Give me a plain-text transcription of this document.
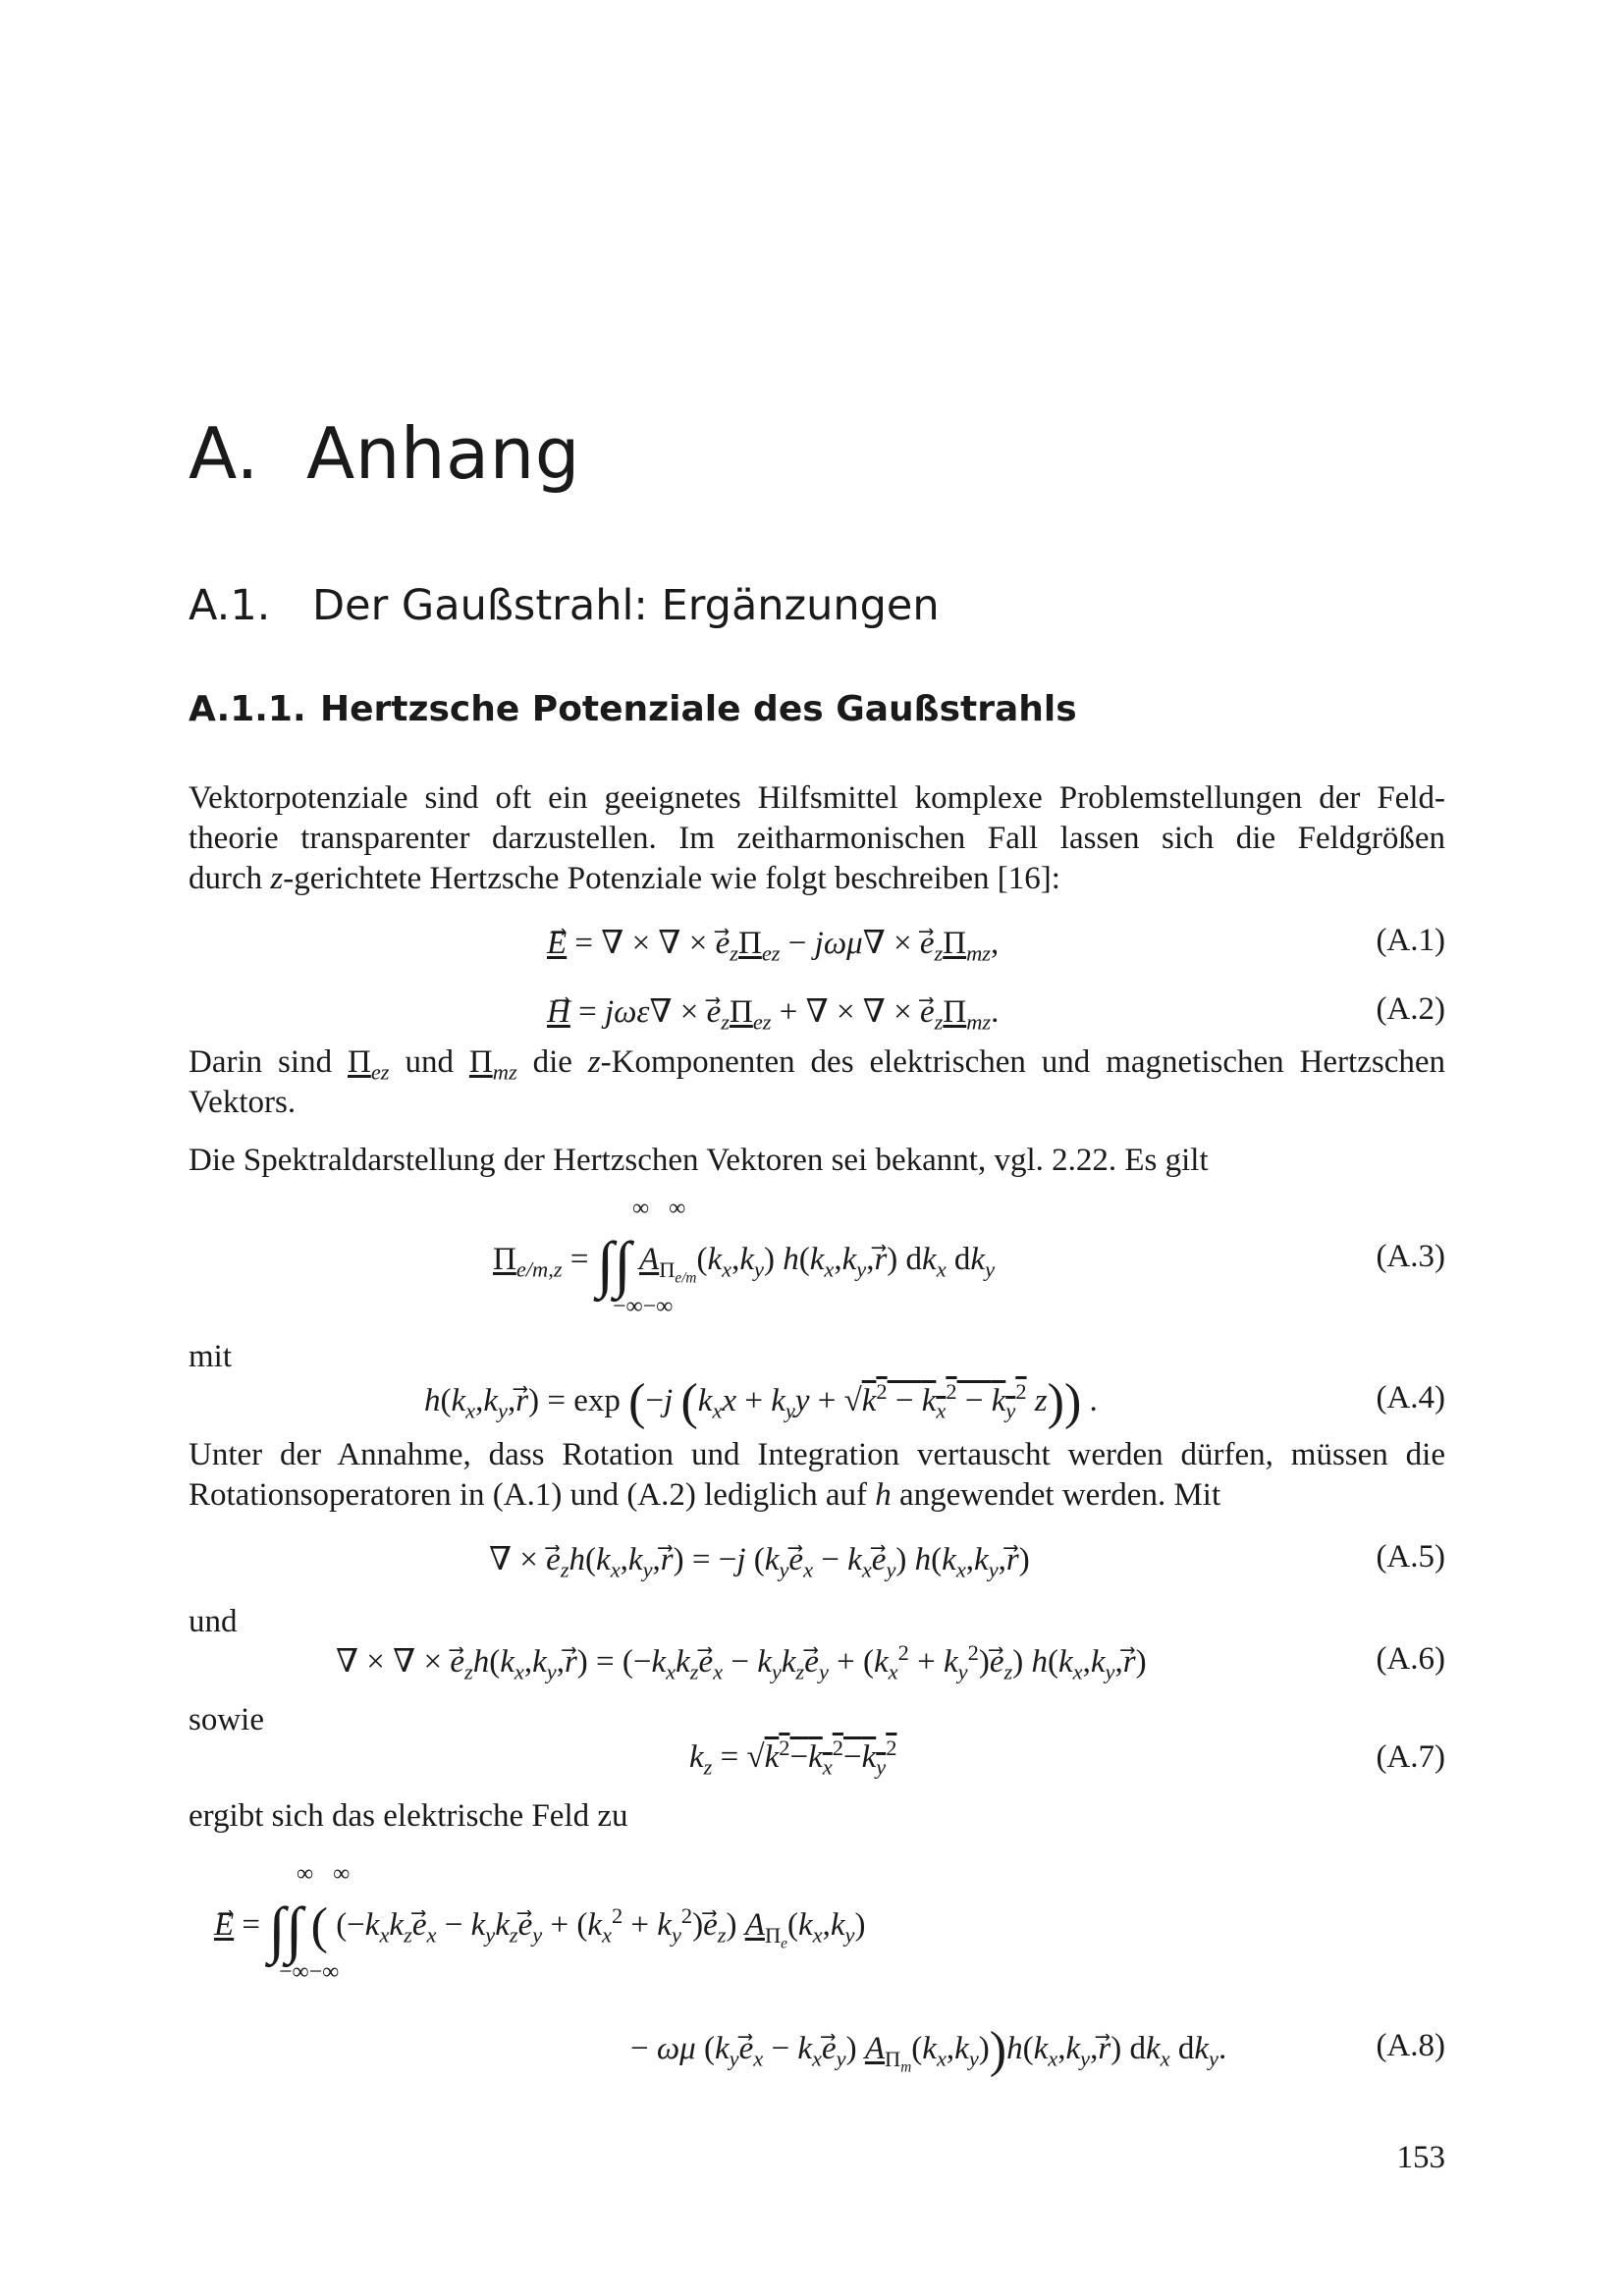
A. Anhang
A.1. Der Gaußstrahl: Ergänzungen
A.1.1. Hertzsche Potenziale des Gaußstrahls

Vektorpotenziale sind oft ein geeignetes Hilfsmittel komplexe Problemstellungen der Feld-
theorie transparenter darzustellen. Im zeitharmonischen Fall lassen sich die Feldgrößen
durch z-gerichtete Hertzsche Potenziale wie folgt beschreiben [16]:

E = ∇ × ∇ × $e_z\Pi_{ez} - j\omega\mu\nabla \times e_z\Pi_{mz}$,	(A.1)
$H = j\omega\varepsilon\nabla \times e_z\Pi_{ez}$ + ∇ × ∇ × $e_z\Pi_{mz}$.	(A.2)

Darin sind $\Pi_{ez}$ und $\Pi_{mz}$ die z-Komponenten des elektrischen und magnetischen Hertzschen
Vektors.

Die Spektraldarstellung der Hertzschen Vektoren sei bekannt, vgl. 2.22. Es gilt

∞      ∞
−∞−∞
$\Pi_{e/m,z}$ = ∫∫ $A_{\Pi_{e/m}}(k_x,k_y)$ $h(k_x,k_y,r⃗)$ $dk_x$ $dk_y$	(A.3)

mit

$h(k_x,k_y,r⃗) = \exp (-j$ ($k_xx + k_yy + √k^2 - k_x^2 - k_y^2$ z)) .	(A.4)

Unter der Annahme, dass Rotation und Integration vertauscht werden dürfen, müssen die
Rotationsoperatoren in (A.1) und (A.2) lediglich auf h angewendet werden. Mit

∇ × $e_zh(k_x,k_y,r⃗) = -j$ $(k_ye_x - k_xe_y)$ $h(k_x,k_y,r⃗)$	(A.5)

und

∇ × ∇ × $e_zh(k_x,k_y,r⃗) = (-k_xk_ze_x - k_yk_ze_y + (k_x^2 + k_y^2)e_z)$ $h(k_x,k_y,r⃗)$	(A.6)

sowie

$k_z = √k^2-k_x^2-k_y^2$	(A.7)

ergibt sich das elektrische Feld zu

∞      ∞
−∞−∞
E = ∫∫ ( $(-k_xk_ze_x - k_yk_ze_y + (k_x^2 + k_y^2)e_z)$ $A_{\Pi_e}(k_x,k_y)$
− ωμ $(k_ye_x - k_xe_y)$ $A_{\Pi_m}(k_x,k_y))h(k_x,k_y,r⃗)$ $dk_x$ $dk_y$.	(A.8)
153
